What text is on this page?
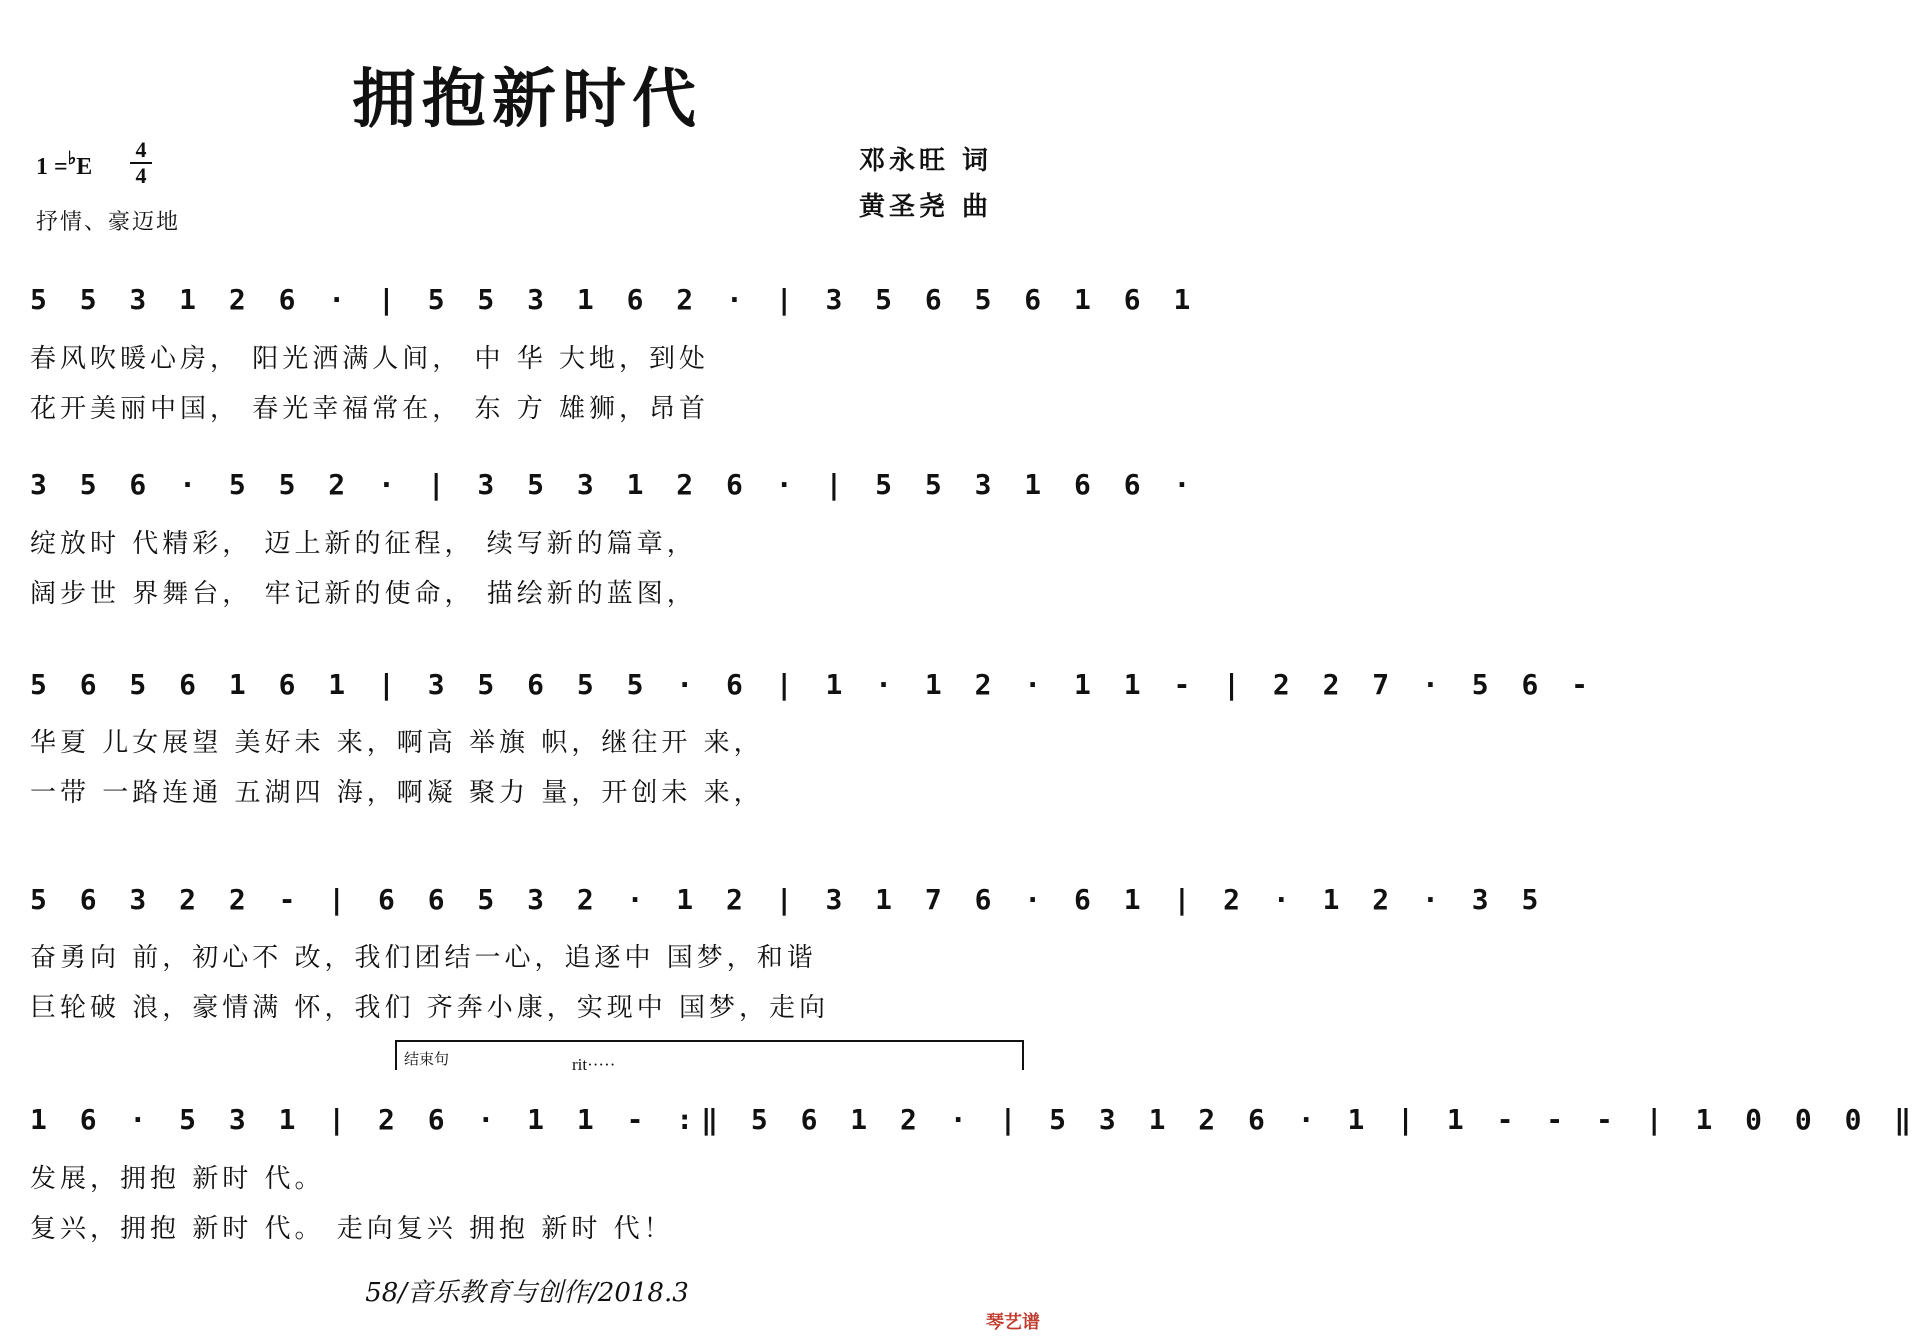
拥抱新时代
1 =♭E
4
4
抒情、豪迈地
邓永旺 词
黄圣尧 曲
5 5 3 1 2 6 · | 5 5 3 1 6 2 · | 3 5 6 5 6 1 6 1
春风吹暖心房， 阳光洒满人间， 中 华 大地，到处
花开美丽中国， 春光幸福常在， 东 方 雄狮，昂首
3 5 6 · 5 5 2 · | 3 5 3 1 2 6 · | 5 5 3 1 6 6 ·
绽放时 代精彩， 迈上新的征程， 续写新的篇章，
阔步世 界舞台， 牢记新的使命， 描绘新的蓝图，
5 6 5 6 1 6 1 | 3 5 6 5 5 · 6 | 1 · 1 2 · 1 1 - | 2 2 7 · 5 6 -
华夏 儿女展望 美好未 来，啊高 举旗 帜，继往开 来，
一带 一路连通 五湖四 海，啊凝 聚力 量，开创未 来，
5 6 3 2 2 - | 6 6 5 3 2 · 1 2 | 3 1 7 6 · 6 1 | 2 · 1 2 · 3 5
奋勇向 前，初心不 改，我们团结一心，追逐中 国梦，和谐
巨轮破 浪，豪情满 怀，我们 齐奔小康，实现中 国梦，走向
结束句	rit·····
1 6 · 5 3 1 | 2 6 · 1 1 - :‖ 5 6 1 2 · | 5 3 1 2 6 · 1 | 1 - - - | 1 0 0 0 ‖
发展，拥抱 新时 代。
复兴，拥抱 新时 代。 走向复兴 拥抱 新时 代！
58/音乐教育与创作/2018.3
琴艺谱
